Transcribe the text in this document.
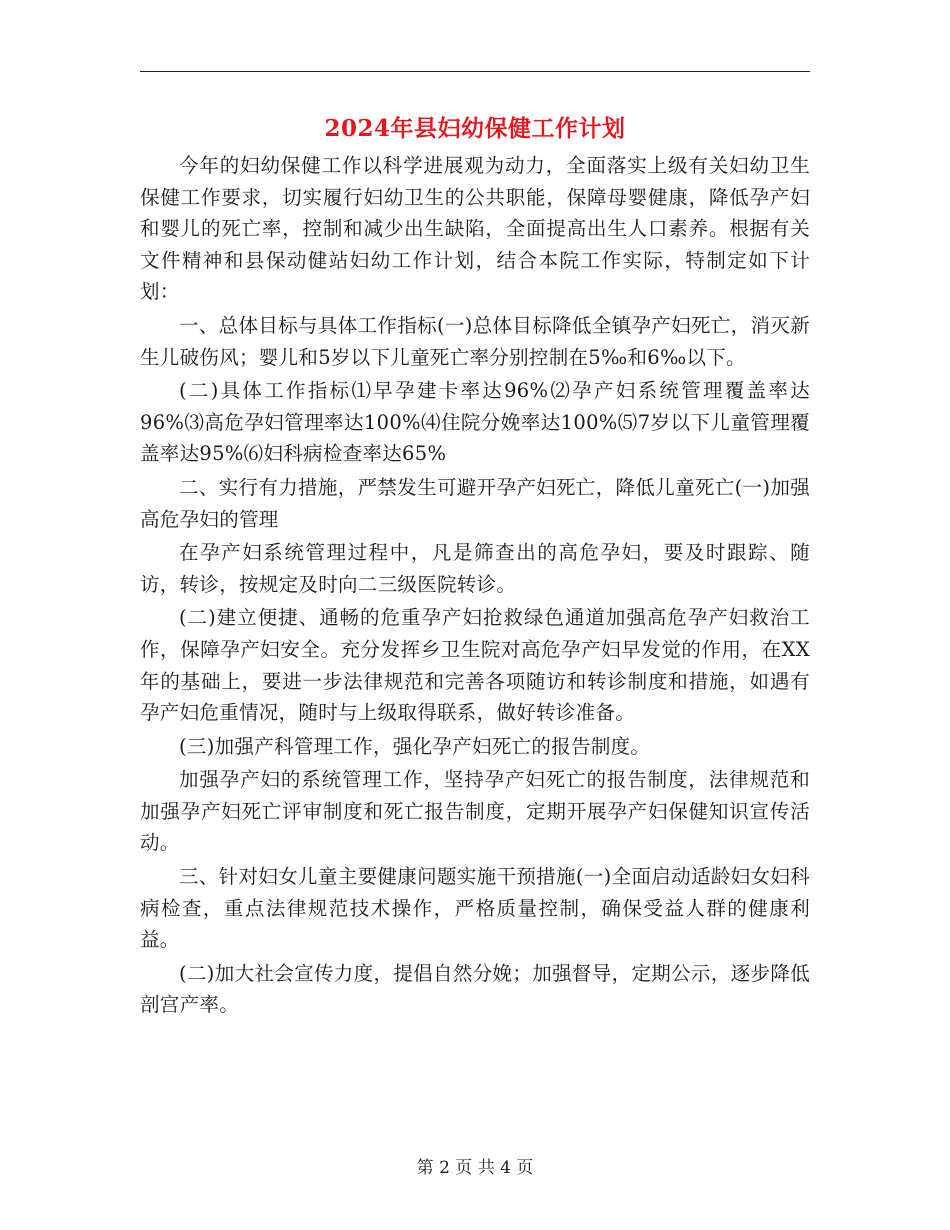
2024年县妇幼保健工作计划

今年的妇幼保健工作以科学进展观为动力，全面落实上级有关妇幼卫生保健工作要求，切实履行妇幼卫生的公共职能，保障母婴健康，降低孕产妇和婴儿的死亡率，控制和减少出生缺陷，全面提高出生人口素养。根据有关文件精神和县保动健站妇幼工作计划，结合本院工作实际，特制定如下计划：

一、总体目标与具体工作指标(一)总体目标降低全镇孕产妇死亡，消灭新生儿破伤风；婴儿和5岁以下儿童死亡率分别控制在5‰和6‰以下。

(二)具体工作指标⑴早孕建卡率达96%⑵孕产妇系统管理覆盖率达96%⑶高危孕妇管理率达100%⑷住院分娩率达100%⑸7岁以下儿童管理覆盖率达95%⑹妇科病检查率达65%

二、实行有力措施，严禁发生可避开孕产妇死亡，降低儿童死亡(一)加强高危孕妇的管理

在孕产妇系统管理过程中，凡是筛查出的高危孕妇，要及时跟踪、随访，转诊，按规定及时向二三级医院转诊。

(二)建立便捷、通畅的危重孕产妇抢救绿色通道加强高危孕产妇救治工作，保障孕产妇安全。充分发挥乡卫生院对高危孕产妇早发觉的作用，在XX年的基础上，要进一步法律规范和完善各项随访和转诊制度和措施，如遇有孕产妇危重情况，随时与上级取得联系，做好转诊准备。

(三)加强产科管理工作，强化孕产妇死亡的报告制度。

加强孕产妇的系统管理工作，坚持孕产妇死亡的报告制度，法律规范和加强孕产妇死亡评审制度和死亡报告制度，定期开展孕产妇保健知识宣传活动。

三、针对妇女儿童主要健康问题实施干预措施(一)全面启动适龄妇女妇科病检查，重点法律规范技术操作，严格质量控制，确保受益人群的健康利益。

(二)加大社会宣传力度，提倡自然分娩；加强督导，定期公示，逐步降低剖宫产率。

第 2 页 共 4 页
